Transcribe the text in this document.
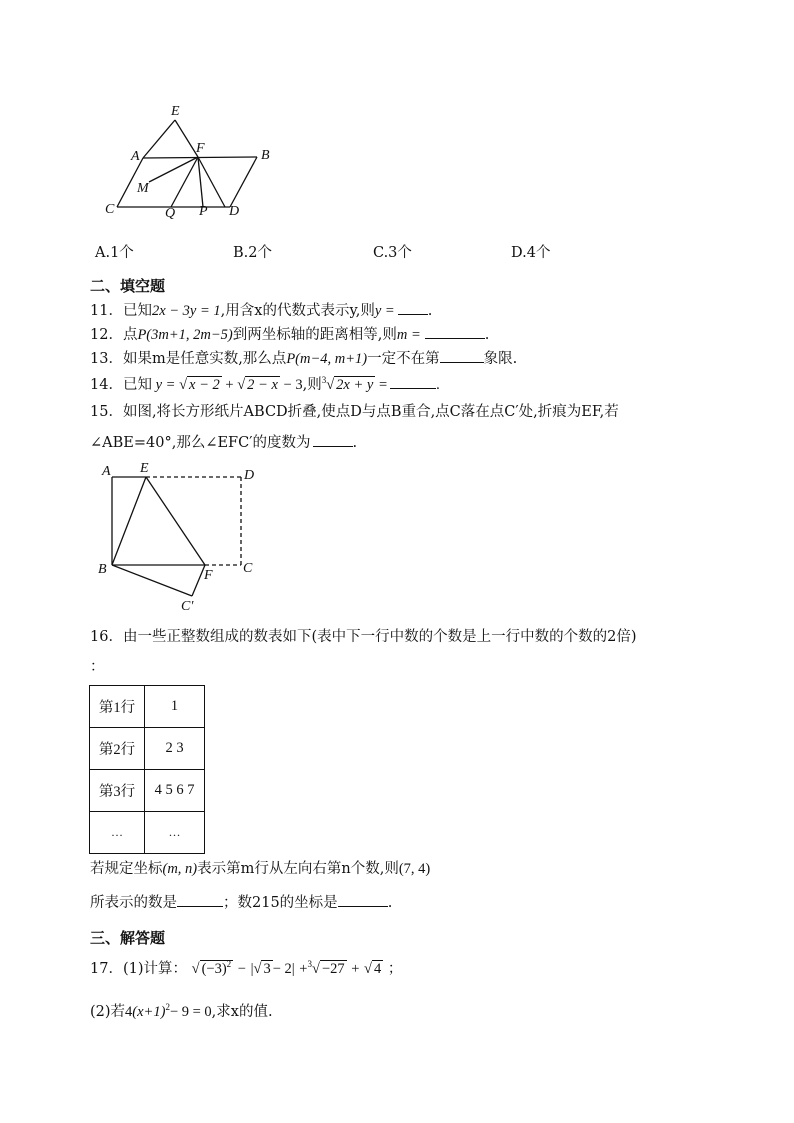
E
A
F	B
M
C	Q P D
A.1个	B.2个	C.3个	D.4个
二、填空题
11．已知2x − 3y = 1,用含x的代数式表示y,则y = .
12．点P(3m+1, 2m−5)到两坐标轴的距离相等,则m =	.
13．如果m是任意实数,那么点P(m−4, m+1)一定不在第	象限.
14．已知 y = √ x − 2 + √ 2 − x − 3,则$^3$√ 2x + y =	.
15．如图,将长方形纸片ABCD折叠,使点D与点B重合,点C落在点C′处,折痕为EF,若
∠ABE=40°,那么∠EFC′的度数为	.
A E	D
B	F C
C′
16．由一些正整数组成的数表如下(表中下一行中数的个数是上一行中数的个数的2倍)
：
第1行	1
第2行	2 3
第3行	4 5 6 7
…	…
若规定坐标(m, n)表示第m行从左向右第n个数,则(7, 4)
所表示的数是	；数215的坐标是	.
三、解答题
17．(1)计算： √ $(-3)^2$ − |√ 3 − 2| +$^3$√ −27 + √ 4 ；
(2)若$4(x+1)^2- 9 = 0$,求x的值.
